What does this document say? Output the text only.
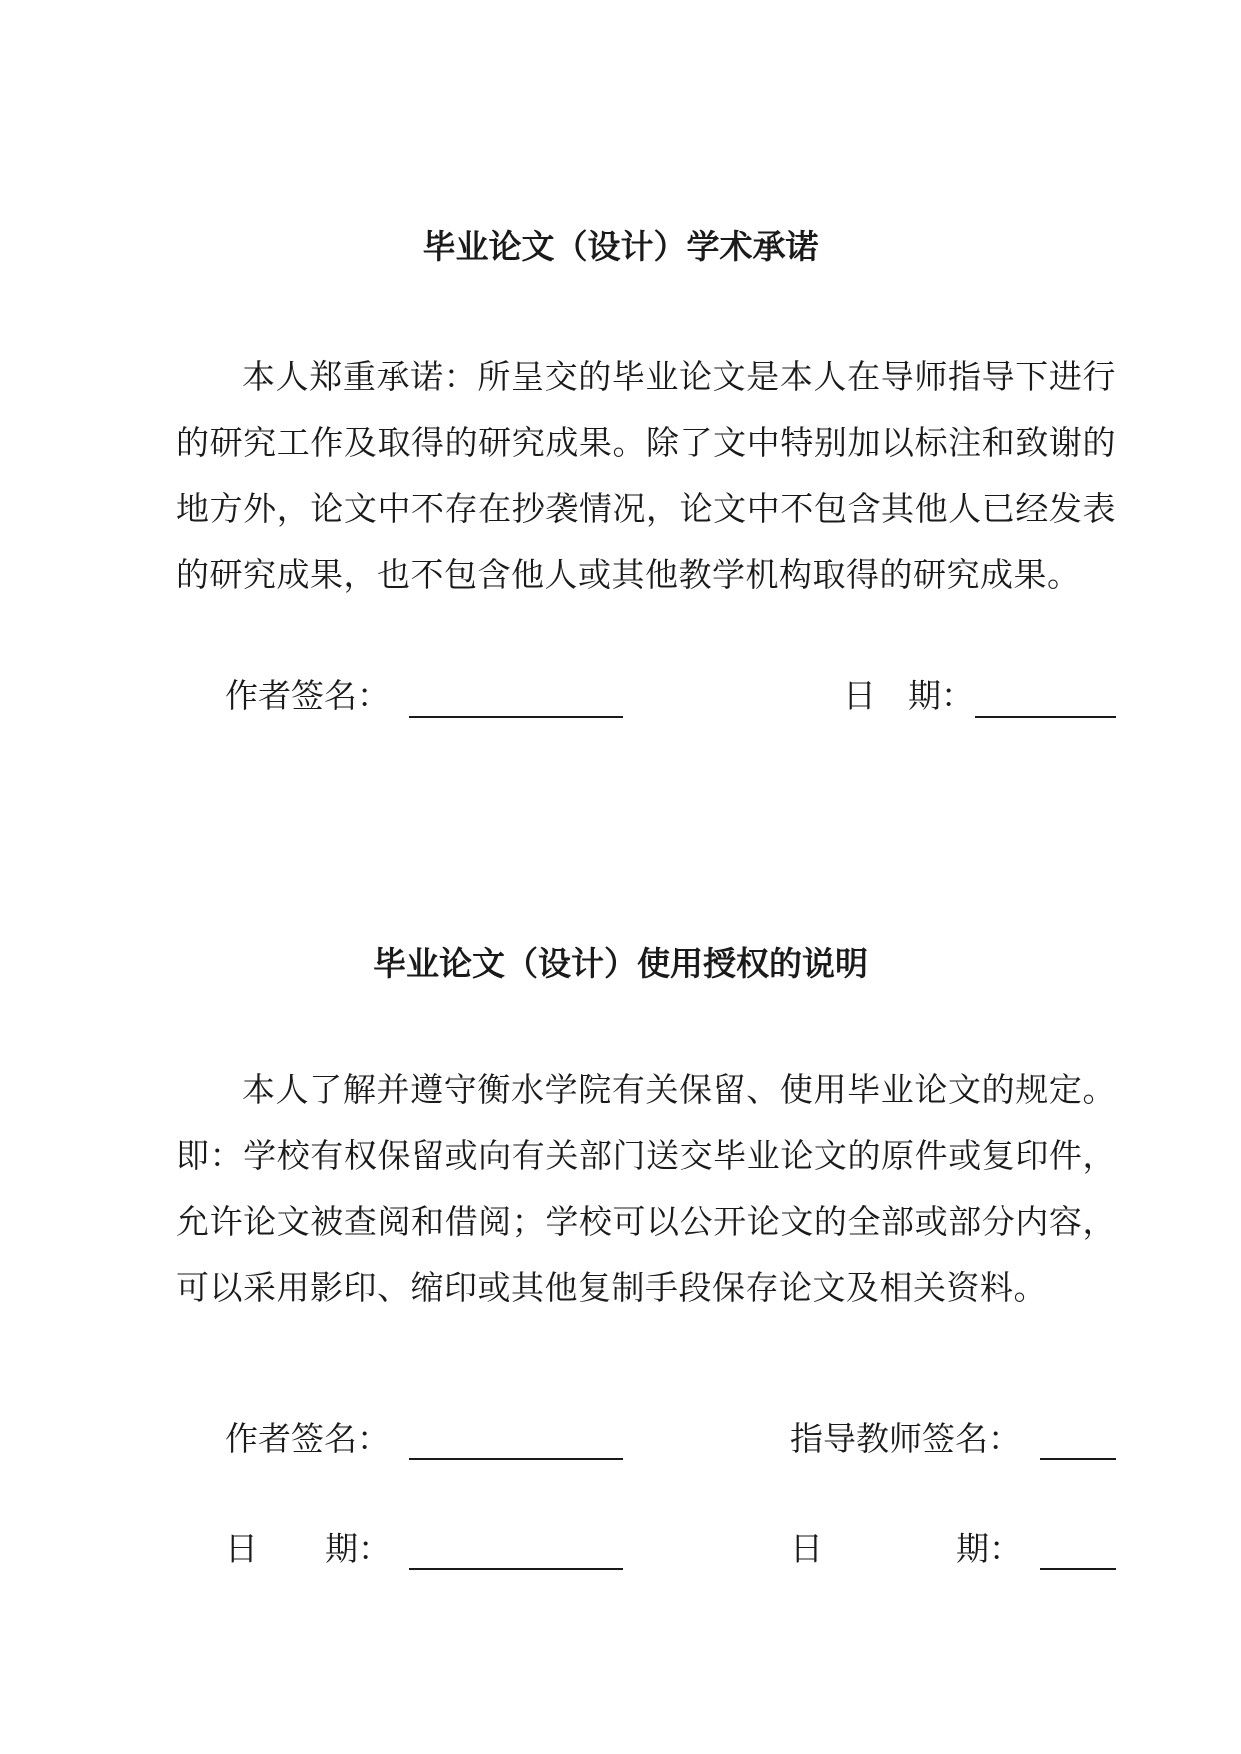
毕业论文（设计）学术承诺

本人郑重承诺：所呈交的毕业论文是本人在导师指导下进行的研究工作及取得的研究成果。除了文中特别加以标注和致谢的地方外，论文中不存在抄袭情况，论文中不包含其他人已经发表的研究成果，也不包含他人或其他教学机构取得的研究成果。

作者签名：	日 期：
毕业论文（设计）使用授权的说明

本人了解并遵守衡水学院有关保留、使用毕业论文的规定。即：学校有权保留或向有关部门送交毕业论文的原件或复印件，允许论文被查阅和借阅；学校可以公开论文的全部或部分内容，可以采用影印、缩印或其他复制手段保存论文及相关资料。

作者签名：	指导教师签名：
日 期：	日	期：
